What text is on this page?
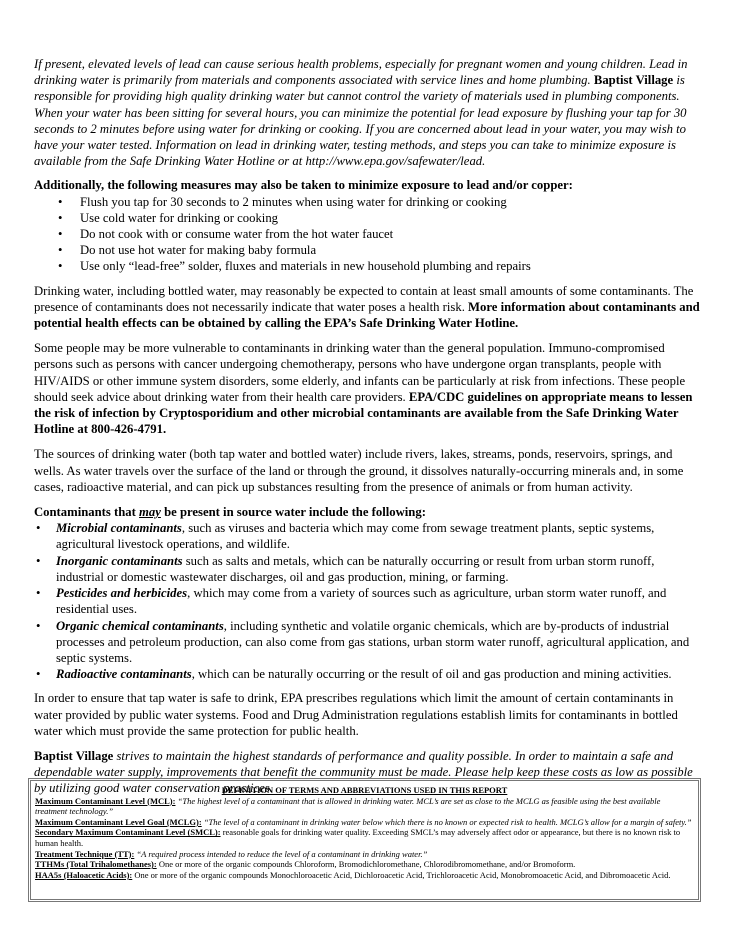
If present, elevated levels of lead can cause serious health problems, especially for pregnant women and young children. Lead in drinking water is primarily from materials and components associated with service lines and home plumbing. Baptist Village is responsible for providing high quality drinking water but cannot control the variety of materials used in plumbing components. When your water has been sitting for several hours, you can minimize the potential for lead exposure by flushing your tap for 30 seconds to 2 minutes before using water for drinking or cooking. If you are concerned about lead in your water, you may wish to have your water tested. Information on lead in drinking water, testing methods, and steps you can take to minimize exposure is available from the Safe Drinking Water Hotline or at http://www.epa.gov/safewater/lead.

Additionally, the following measures may also be taken to minimize exposure to lead and/or copper:

• Flush you tap for 30 seconds to 2 minutes when using water for drinking or cooking
• Use cold water for drinking or cooking
• Do not cook with or consume water from the hot water faucet
• Do not use hot water for making baby formula
• Use only “lead-free” solder, fluxes and materials in new household plumbing and repairs

Drinking water, including bottled water, may reasonably be expected to contain at least small amounts of some contaminants. The presence of contaminants does not necessarily indicate that water poses a health risk. More information about contaminants and potential health effects can be obtained by calling the EPA’s Safe Drinking Water Hotline.

Some people may be more vulnerable to contaminants in drinking water than the general population. Immuno-compromised persons such as persons with cancer undergoing chemotherapy, persons who have undergone organ transplants, people with HIV/AIDS or other immune system disorders, some elderly, and infants can be particularly at risk from infections. These people should seek advice about drinking water from their health care providers. EPA/CDC guidelines on appropriate means to lessen the risk of infection by Cryptosporidium and other microbial contaminants are available from the Safe Drinking Water Hotline at 800-426-4791.

The sources of drinking water (both tap water and bottled water) include rivers, lakes, streams, ponds, reservoirs, springs, and wells. As water travels over the surface of the land or through the ground, it dissolves naturally-occurring minerals and, in some cases, radioactive material, and can pick up substances resulting from the presence of animals or from human activity.

Contaminants that may be present in source water include the following:

• Microbial contaminants, such as viruses and bacteria which may come from sewage treatment plants, septic systems, agricultural livestock operations, and wildlife.
• Inorganic contaminants such as salts and metals, which can be naturally occurring or result from urban storm runoff, industrial or domestic wastewater discharges, oil and gas production, mining, or farming.
• Pesticides and herbicides, which may come from a variety of sources such as agriculture, urban storm water runoff, and residential uses.
• Organic chemical contaminants, including synthetic and volatile organic chemicals, which are by-products of industrial processes and petroleum production, can also come from gas stations, urban storm water runoff, agricultural application, and septic systems.
• Radioactive contaminants, which can be naturally occurring or the result of oil and gas production and mining activities.

In order to ensure that tap water is safe to drink, EPA prescribes regulations which limit the amount of certain contaminants in water provided by public water systems. Food and Drug Administration regulations establish limits for contaminants in bottled water which must provide the same protection for public health.

Baptist Village strives to maintain the highest standards of performance and quality possible. In order to maintain a safe and dependable water supply, improvements that benefit the community must be made. Please help keep these costs as low as possible by utilizing good water conservation practices.

DEFINITION OF TERMS AND ABBREVIATIONS USED IN THIS REPORT
Maximum Contaminant Level (MCL): “The highest level of a contaminant that is allowed in drinking water. MCL’s are set as close to the MCLG as feasible using the best available treatment technology.”
Maximum Contaminant Level Goal (MCLG): “The level of a contaminant in drinking water below which there is no known or expected risk to health. MCLG’s allow for a margin of safety.”
Secondary Maximum Contaminant Level (SMCL): reasonable goals for drinking water quality. Exceeding SMCL’s may adversely affect odor or appearance, but there is no known risk to human health.
Treatment Technique (TT): “A required process intended to reduce the level of a contaminant in drinking water.”
TTHMs (Total Trihalomethanes): One or more of the organic compounds Chloroform, Bromodichloromethane, Chlorodibromomethane, and/or Bromoform.
HAA5s (Haloacetic Acids): One or more of the organic compounds Monochloroacetic Acid, Dichloroacetic Acid, Trichloroacetic Acid, Monobromoacetic Acid, and Dibromoacetic Acid.
